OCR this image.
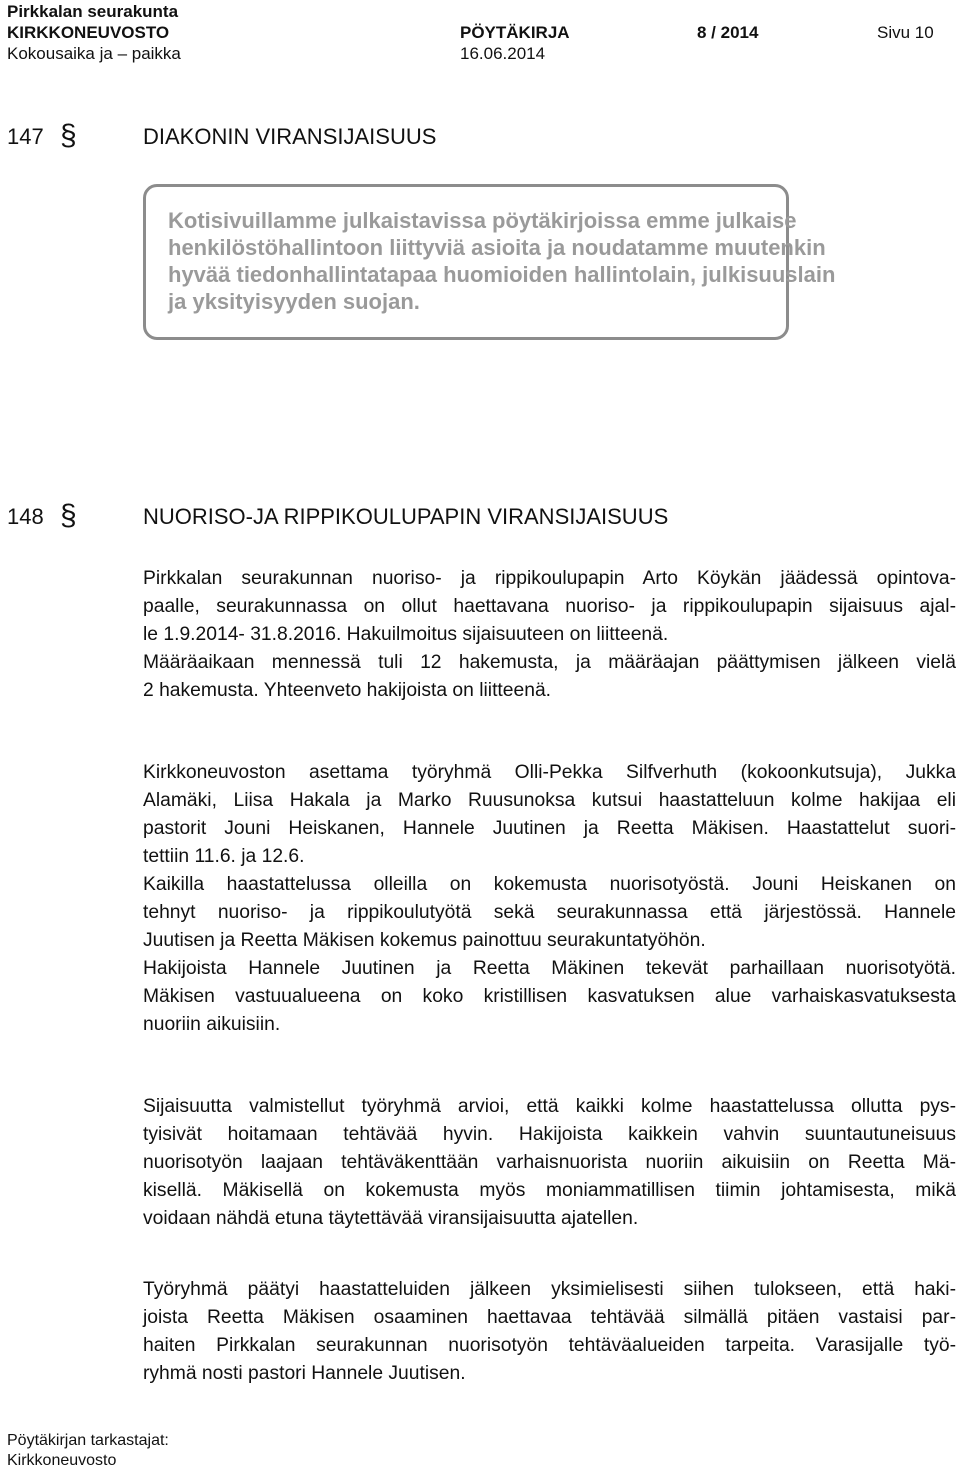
Pirkkalan seurakunta
KIRKKONEUVOSTO	PÖYTÄKIRJA	8 / 2014	Sivu 10
Kokousaika ja – paikka	16.06.2014
147 §	DIAKONIN VIRANSIJAISUUS
Kotisivuillamme julkaistavissa pöytäkirjoissa emme julkaise
henkilöstöhallintoon liittyviä asioita ja noudatamme muutenkin
hyvää tiedonhallintatapaa huomioiden hallintolain, julkisuuslain
ja yksityisyyden suojan.
148 §	NUORISO-JA RIPPIKOULUPAPIN VIRANSIJAISUUS
Pirkkalan seurakunnan nuoriso- ja rippikoulupapin Arto Köykän jäädessä opintova-
paalle, seurakunnassa on ollut haettavana nuoriso- ja rippikoulupapin sijaisuus ajal-
le 1.9.2014- 31.8.2016. Hakuilmoitus sijaisuuteen on liitteenä.
Määräaikaan mennessä tuli 12 hakemusta, ja määräajan päättymisen jälkeen vielä
2 hakemusta. Yhteenveto hakijoista on liitteenä.
Kirkkoneuvoston asettama työryhmä Olli-Pekka Silfverhuth (kokoonkutsuja), Jukka
Alamäki, Liisa Hakala ja Marko Ruusunoksa kutsui haastatteluun kolme hakijaa eli
pastorit Jouni Heiskanen, Hannele Juutinen ja Reetta Mäkisen. Haastattelut suori-
tettiin 11.6. ja 12.6.
Kaikilla haastattelussa olleilla on kokemusta nuorisotyöstä. Jouni Heiskanen on
tehnyt nuoriso- ja rippikoulutyötä sekä seurakunnassa että järjestössä. Hannele
Juutisen ja Reetta Mäkisen kokemus painottuu seurakuntatyöhön.
Hakijoista Hannele Juutinen ja Reetta Mäkinen tekevät parhaillaan nuorisotyötä.
Mäkisen vastuualueena on koko kristillisen kasvatuksen alue varhaiskasvatuksesta
nuoriin aikuisiin.
Sijaisuutta valmistellut työryhmä arvioi, että kaikki kolme haastattelussa ollutta pys-
tyisivät hoitamaan tehtävää hyvin. Hakijoista kaikkein vahvin suuntautuneisuus
nuorisotyön laajaan tehtäväkenttään varhaisnuorista nuoriin aikuisiin on Reetta Mä-
kisellä. Mäkisellä on kokemusta myös moniammatillisen tiimin johtamisesta, mikä
voidaan nähdä etuna täytettävää viransijaisuutta ajatellen.
Työryhmä päätyi haastatteluiden jälkeen yksimielisesti siihen tulokseen, että haki-
joista Reetta Mäkisen osaaminen haettavaa tehtävää silmällä pitäen vastaisi par-
haiten Pirkkalan seurakunnan nuorisotyön tehtäväalueiden tarpeita. Varasijalle työ-
ryhmä nosti pastori Hannele Juutisen.
Pöytäkirjan tarkastajat:
Kirkkoneuvosto
